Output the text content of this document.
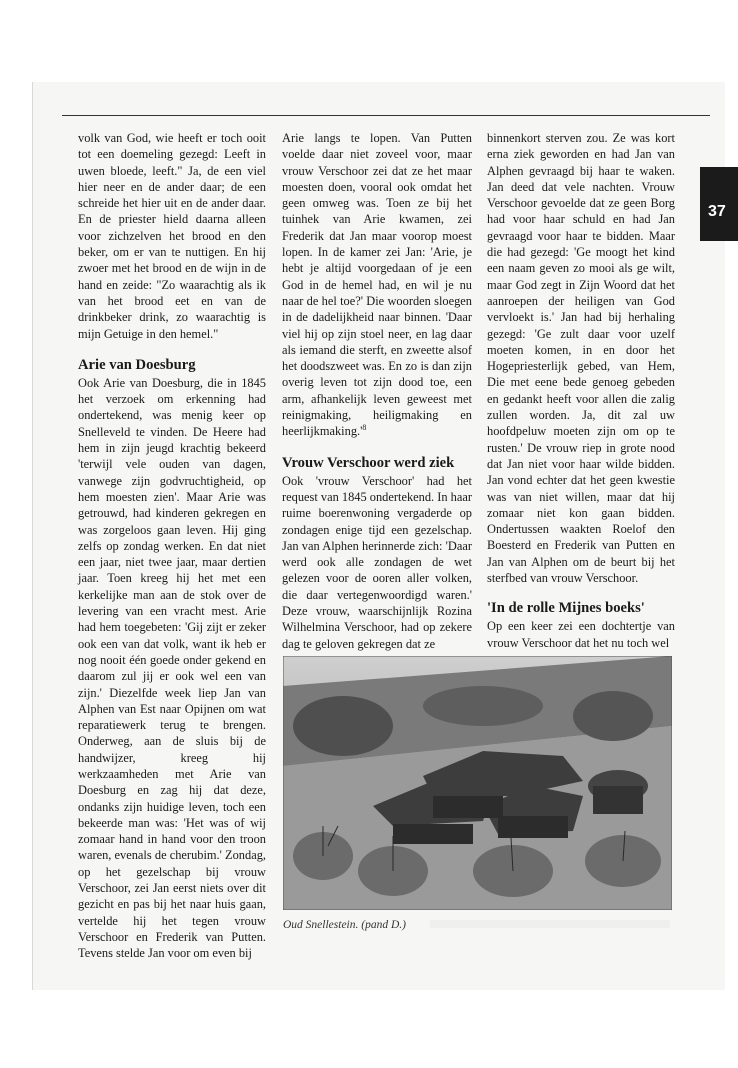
37

volk van God, wie heeft er toch ooit tot een doemeling gezegd: Leeft in uwen bloede, leeft." Ja, de een viel hier neer en de ander daar; de een schreide het hier uit en de ander daar. En de priester hield daarna alleen voor zichzelven het brood en den beker, om er van te nuttigen. En hij zwoer met het brood en de wijn in de hand en zeide: "Zo waarachtig als ik van het brood eet en van de drinkbeker drink, zo waarachtig is mijn Getuige in den hemel."

Arie van Doesburg

Ook Arie van Doesburg, die in 1845 het verzoek om erkenning had ondertekend, was menig keer op Snelleveld te vinden. De Heere had hem in zijn jeugd krachtig bekeerd 'terwijl vele ouden van dagen, vanwege zijn godvruchtigheid, op hem moesten zien'. Maar Arie was getrouwd, had kinderen gekregen en was zorgeloos gaan leven. Hij ging zelfs op zondag werken. En dat niet een jaar, niet twee jaar, maar dertien jaar. Toen kreeg hij het met een kerkelijke man aan de stok over de levering van een vracht mest. Arie had hem toegebeten: 'Gij zijt er zeker ook een van dat volk, want ik heb er nog nooit één goede onder gekend en daarom zul jij er ook wel een van zijn.' Diezelfde week liep Jan van Alphen van Est naar Opijnen om wat reparatiewerk terug te brengen. Onderweg, aan de sluis bij de handwijzer, kreeg hij werkzaamheden met Arie van Doesburg en zag hij dat deze, ondanks zijn huidige leven, toch een bekeerde man was: 'Het was of wij zomaar hand in hand voor den troon waren, evenals de cherubim.' Zondag, op het gezelschap bij vrouw Verschoor, zei Jan eerst niets over dit gezicht en pas bij het naar huis gaan, vertelde hij het tegen vrouw Verschoor en Frederik van Putten. Tevens stelde Jan voor om even bij

Arie langs te lopen. Van Putten voelde daar niet zoveel voor, maar vrouw Verschoor zei dat ze het maar moesten doen, vooral ook omdat het geen omweg was. Toen ze bij het tuinhek van Arie kwamen, zei Frederik dat Jan maar voorop moest lopen. In de kamer zei Jan: 'Arie, je hebt je altijd voorgedaan of je een God in de hemel had, en wil je nu naar de hel toe?' Die woorden sloegen in de dadelijkheid naar binnen. 'Daar viel hij op zijn stoel neer, en lag daar als iemand die sterft, en zweette alsof het doodszweet was. En zo is dan zijn overig leven tot zijn dood toe, een arm, afhankelijk leven geweest met reinigmaking, heiligmaking en $heerlijkmaking.'^8$

Vrouw Verschoor werd ziek

Ook 'vrouw Verschoor' had het request van 1845 ondertekend. In haar ruime boerenwoning vergaderde op zondagen enige tijd een gezelschap. Jan van Alphen herinnerde zich: 'Daar werd ook alle zondagen de wet gelezen voor de ooren aller volken, die daar vertegenwoordigd waren.' Deze vrouw, waarschijnlijk Rozina Wilhelmina Verschoor, had op zekere dag te geloven gekregen dat ze

binnenkort sterven zou. Ze was kort erna ziek geworden en had Jan van Alphen gevraagd bij haar te waken. Jan deed dat vele nachten. Vrouw Verschoor gevoelde dat ze geen Borg had voor haar schuld en had Jan gevraagd voor haar te bidden. Maar die had gezegd: 'Ge moogt het kind een naam geven zo mooi als ge wilt, maar God zegt in Zijn Woord dat het aanroepen der heiligen van God vervloekt is.' Jan had bij herhaling gezegd: 'Ge zult daar voor uzelf moeten komen, in en door het Hogepriesterlijk gebed, van Hem, Die met eene bede genoeg gebeden en gedankt heeft voor allen die zalig zullen worden. Ja, dit zal uw hoofdpeluw moeten zijn om op te rusten.' De vrouw riep in grote nood dat Jan niet voor haar wilde bidden. Jan vond echter dat het geen kwestie was van niet willen, maar dat hij zomaar niet kon gaan bidden. Ondertussen waakten Roelof den Boesterd en Frederik van Putten en Jan van Alphen om de beurt bij het sterfbed van vrouw Verschoor.

'In de rolle Mijnes boeks'

Op een keer zei een dochtertje van vrouw Verschoor dat het nu toch wel

Oud Snellestein. (pand D.)
